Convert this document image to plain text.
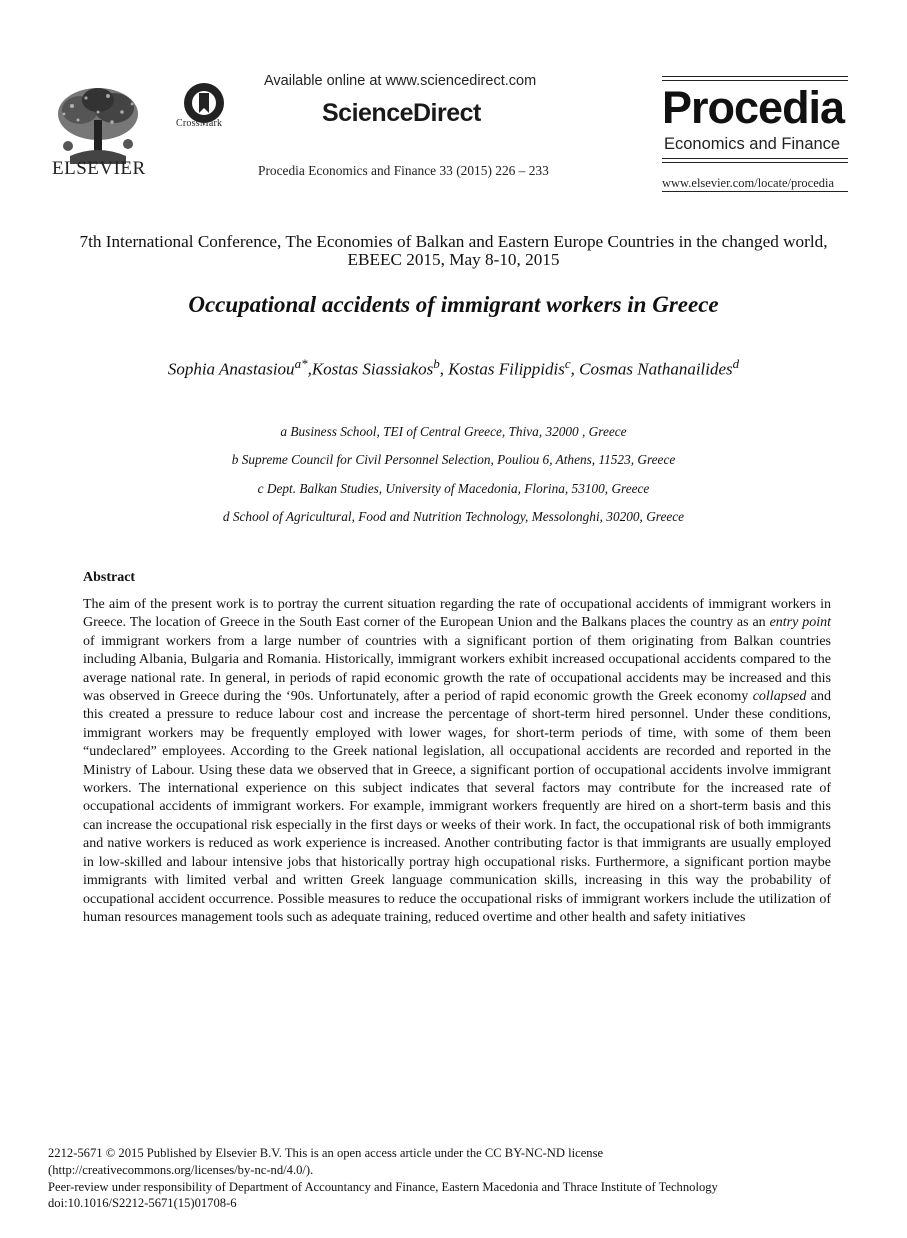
ELSEVIER
CrossMark
Available online at www.sciencedirect.com
ScienceDirect
Procedia Economics and Finance 33 (2015) 226 – 233
Procedia
Economics and Finance
www.elsevier.com/locate/procedia
7th International Conference, The Economies of Balkan and Eastern Europe Countries in the changed world, EBEEC 2015, May 8-10, 2015
Occupational accidents of immigrant workers in Greece
Sophia Anastasiou$^{a*}$,Kostas Siassiakos$^b$, Kostas Filippidis$^c$, Cosmas Nathanailides$^d$
a Business School, TEI of Central Greece, Thiva, 32000 , Greece
b Supreme Council for Civil Personnel Selection, Pouliou 6, Athens, 11523, Greece
c Dept. Balkan Studies, University of Macedonia, Florina, 53100, Greece
d School of Agricultural, Food and Nutrition Technology, Messolonghi, 30200, Greece
Abstract
The aim of the present work is to portray the current situation regarding the rate of occupational accidents of immigrant workers in Greece. The location of Greece in the South East corner of the European Union and the Balkans places the country as an entry point of immigrant workers from a large number of countries with a significant portion of them originating from Balkan countries including Albania, Bulgaria and Romania. Historically, immigrant workers exhibit increased occupational accidents compared to the average national rate. In general, in periods of rapid economic growth the rate of occupational accidents may be increased and this was observed in Greece during the ‘90s. Unfortunately, after a period of rapid economic growth the Greek economy collapsed and this created a pressure to reduce labour cost and increase the percentage of short-term hired personnel. Under these conditions, immigrant workers may be frequently employed with lower wages, for short-term periods of time, with some of them been “undeclared” employees. According to the Greek national legislation, all occupational accidents are recorded and reported in the Ministry of Labour. Using these data we observed that in Greece, a significant portion of occupational accidents involve immigrant workers. The international experience on this subject indicates that several factors may contribute for the increased rate of occupational accidents of immigrant workers. For example, immigrant workers frequently are hired on a short-term basis and this can increase the occupational risk especially in the first days or weeks of their work. In fact, the occupational risk of both immigrants and native workers is reduced as work experience is increased. Another contributing factor is that immigrants are usually employed in low-skilled and labour intensive jobs that historically portray high occupational risks. Furthermore, a significant portion maybe immigrants with limited verbal and written Greek language communication skills, increasing in this way the probability of occupational accident occurrence. Possible measures to reduce the occupational risks of immigrant workers include the utilization of human resources management tools such as adequate training, reduced overtime and other health and safety initiatives
2212-5671 © 2015 Published by Elsevier B.V. This is an open access article under the CC BY-NC-ND license
(http://creativecommons.org/licenses/by-nc-nd/4.0/).
Peer-review under responsibility of Department of Accountancy and Finance, Eastern Macedonia and Thrace Institute of Technology
doi:10.1016/S2212-5671(15)01708-6
